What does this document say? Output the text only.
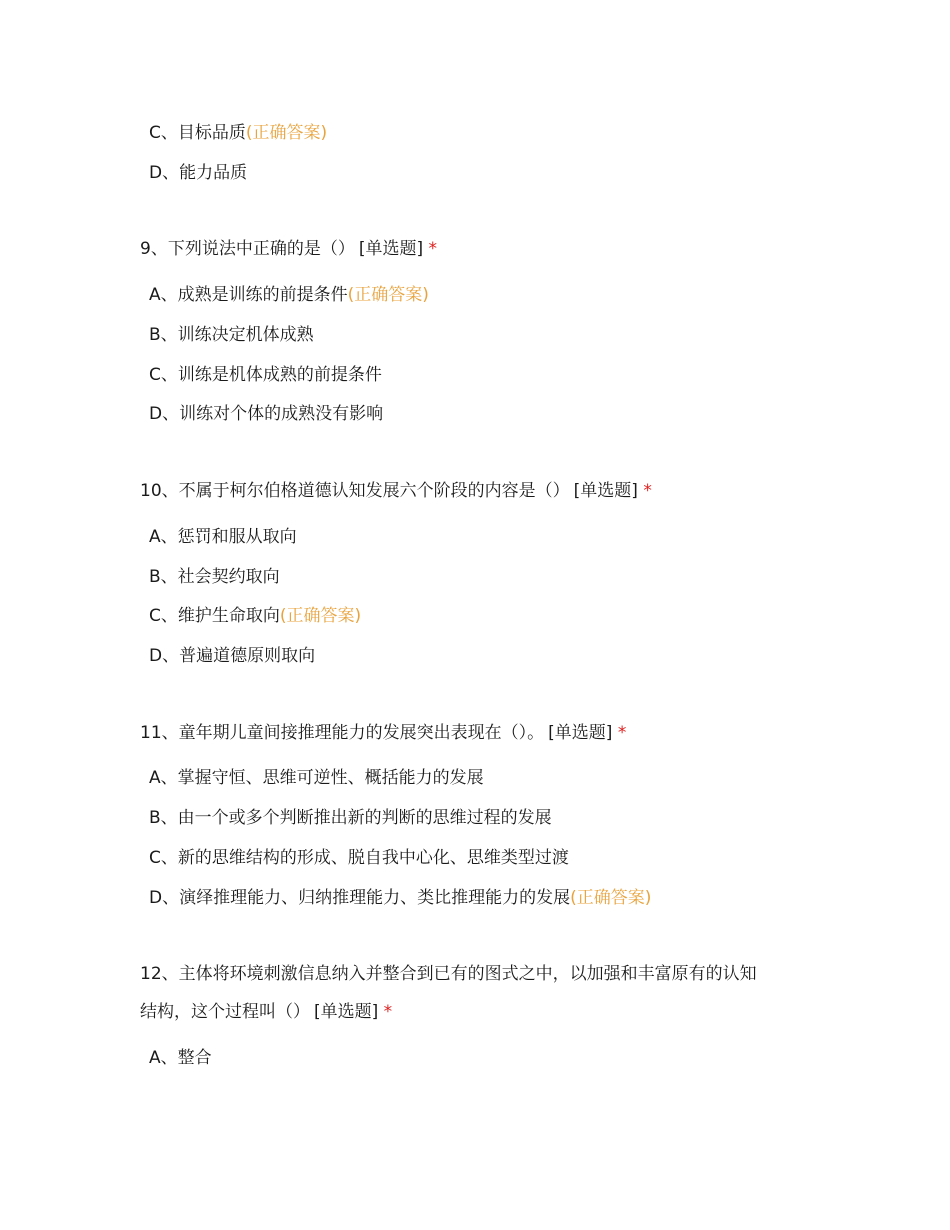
C、目标品质(正确答案)
D、能力品质
9、下列说法中正确的是（） [单选题] *
A、成熟是训练的前提条件(正确答案)
B、训练决定机体成熟
C、训练是机体成熟的前提条件
D、训练对个体的成熟没有影响
10、不属于柯尔伯格道德认知发展六个阶段的内容是（） [单选题] *
A、惩罚和服从取向
B、社会契约取向
C、维护生命取向(正确答案)
D、普遍道德原则取向
11、童年期儿童间接推理能力的发展突出表现在（）。 [单选题] *
A、掌握守恒、思维可逆性、概括能力的发展
B、由一个或多个判断推出新的判断的思维过程的发展
C、新的思维结构的形成、脱自我中心化、思维类型过渡
D、演绎推理能力、归纳推理能力、类比推理能力的发展(正确答案)
12、主体将环境刺激信息纳入并整合到已有的图式之中，以加强和丰富原有的认知
结构，这个过程叫（） [单选题] *
A、整合
